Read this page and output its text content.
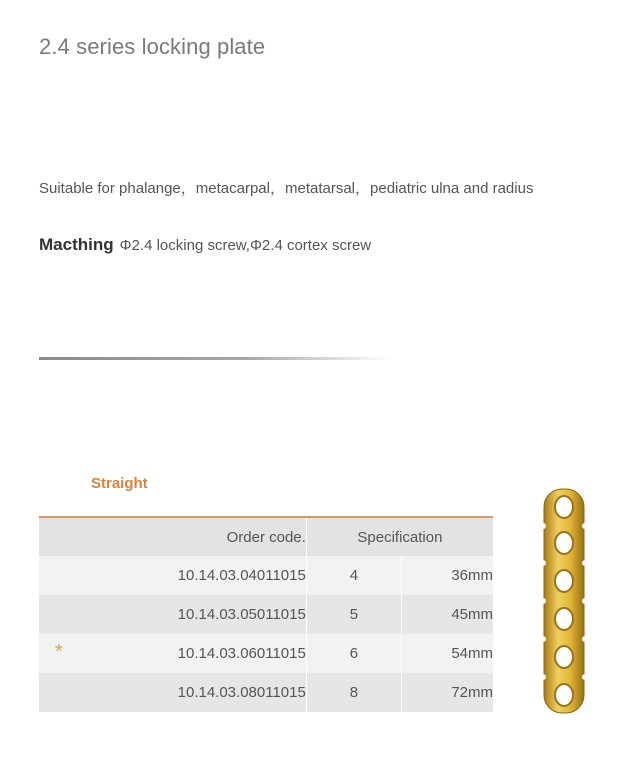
2.4 series locking plate
Suitable for phalange，metacarpal，metatarsal，pediatric ulna and radius
Macthing Φ2.4 locking screw,Φ2.4 cortex screw
Straight
Order code.	Specification	
10.14.03.04011015	4	36mm
10.14.03.05011015	5	45mm

* 10.14.03.06011015	6	54mm
10.14.03.08011015	8	72mm
